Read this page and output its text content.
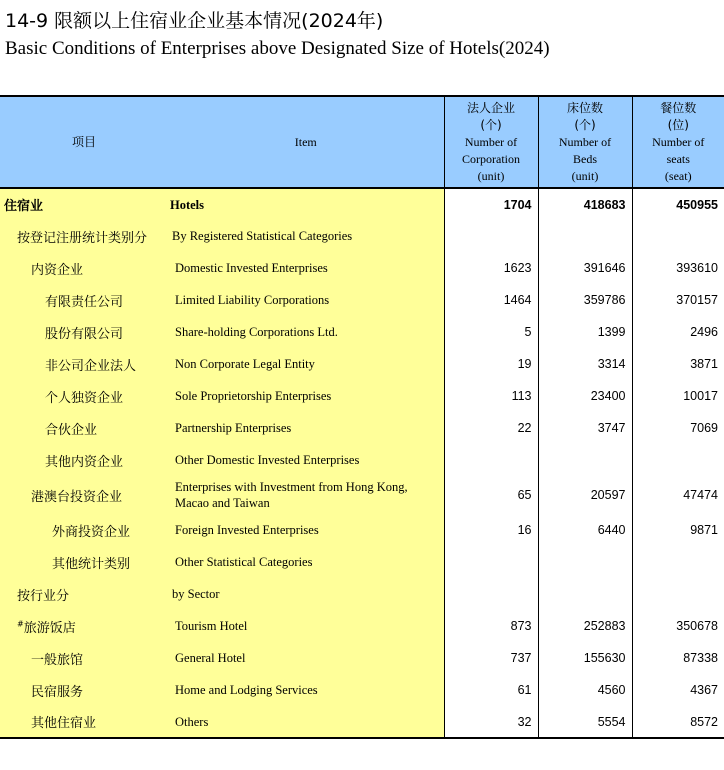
14-9 限额以上住宿业企业基本情况(2024年)
Basic Conditions of Enterprises above Designated Size of Hotels(2024)
项目	Item	法人企业
(个)
Number of
Corporation
(unit)	床位数
(个)
Number of
Beds
(unit)	餐位数
(位)
Number of
seats
(seat)

住宿业	Hotels	1704	418683	450955
按登记注册统计类别分	By Registered Statistical Categories			
内资企业	Domestic Invested Enterprises	1623	391646	393610
有限责任公司	Limited Liability Corporations	1464	359786	370157
股份有限公司	Share-holding Corporations Ltd.	5	1399	2496
非公司企业法人	Non Corporate Legal Entity	19	3314	3871
个人独资企业	Sole Proprietorship Enterprises	113	23400	10017
合伙企业	Partnership Enterprises	22	3747	7069
其他内资企业	Other Domestic Invested Enterprises			
港澳台投资企业	Enterprises with Investment from Hong Kong, Macao and Taiwan	65	20597	47474
外商投资企业	Foreign Invested Enterprises	16	6440	9871
其他统计类别	Other Statistical Categories			
按行业分	by Sector			
#旅游饭店	Tourism Hotel	873	252883	350678
一般旅馆	General Hotel	737	155630	87338
民宿服务	Home and Lodging Services	61	4560	4367
其他住宿业	Others	32	5554	8572
